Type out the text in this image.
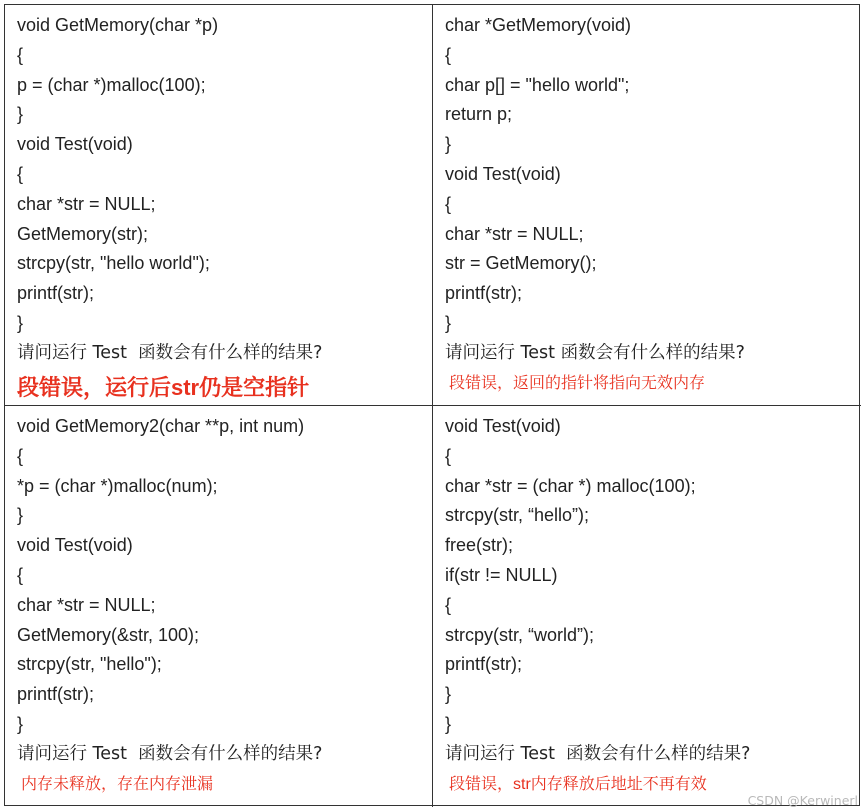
void GetMemory(char *p)
{
p = (char *)malloc(100);
}
void Test(void)
{
char *str = NULL;
GetMemory(str);
strcpy(str, "hello world");
printf(str);
}
请问运行 Test  函数会有什么样的结果?
段错误，运行后str仍是空指针
char *GetMemory(void)
{
char p[] = "hello world";
return p;
}
void Test(void)
{
char *str = NULL;
str = GetMemory();
printf(str);
}
请问运行 Test 函数会有什么样的结果?
段错误，返回的指针将指向无效内存
void GetMemory2(char **p, int num)
{
*p = (char *)malloc(num);
}
void Test(void)
{
char *str = NULL;
GetMemory(&str, 100);
strcpy(str, "hello");
printf(str);
}
请问运行 Test  函数会有什么样的结果?
内存未释放，存在内存泄漏
void Test(void)
{
char *str = (char *) malloc(100);
strcpy(str, “hello”);
free(str);
if(str != NULL)
{
strcpy(str, “world”);
printf(str);
}
}
请问运行 Test  函数会有什么样的结果?
段错误，str内存释放后地址不再有效
CSDN @Kerwinerl
